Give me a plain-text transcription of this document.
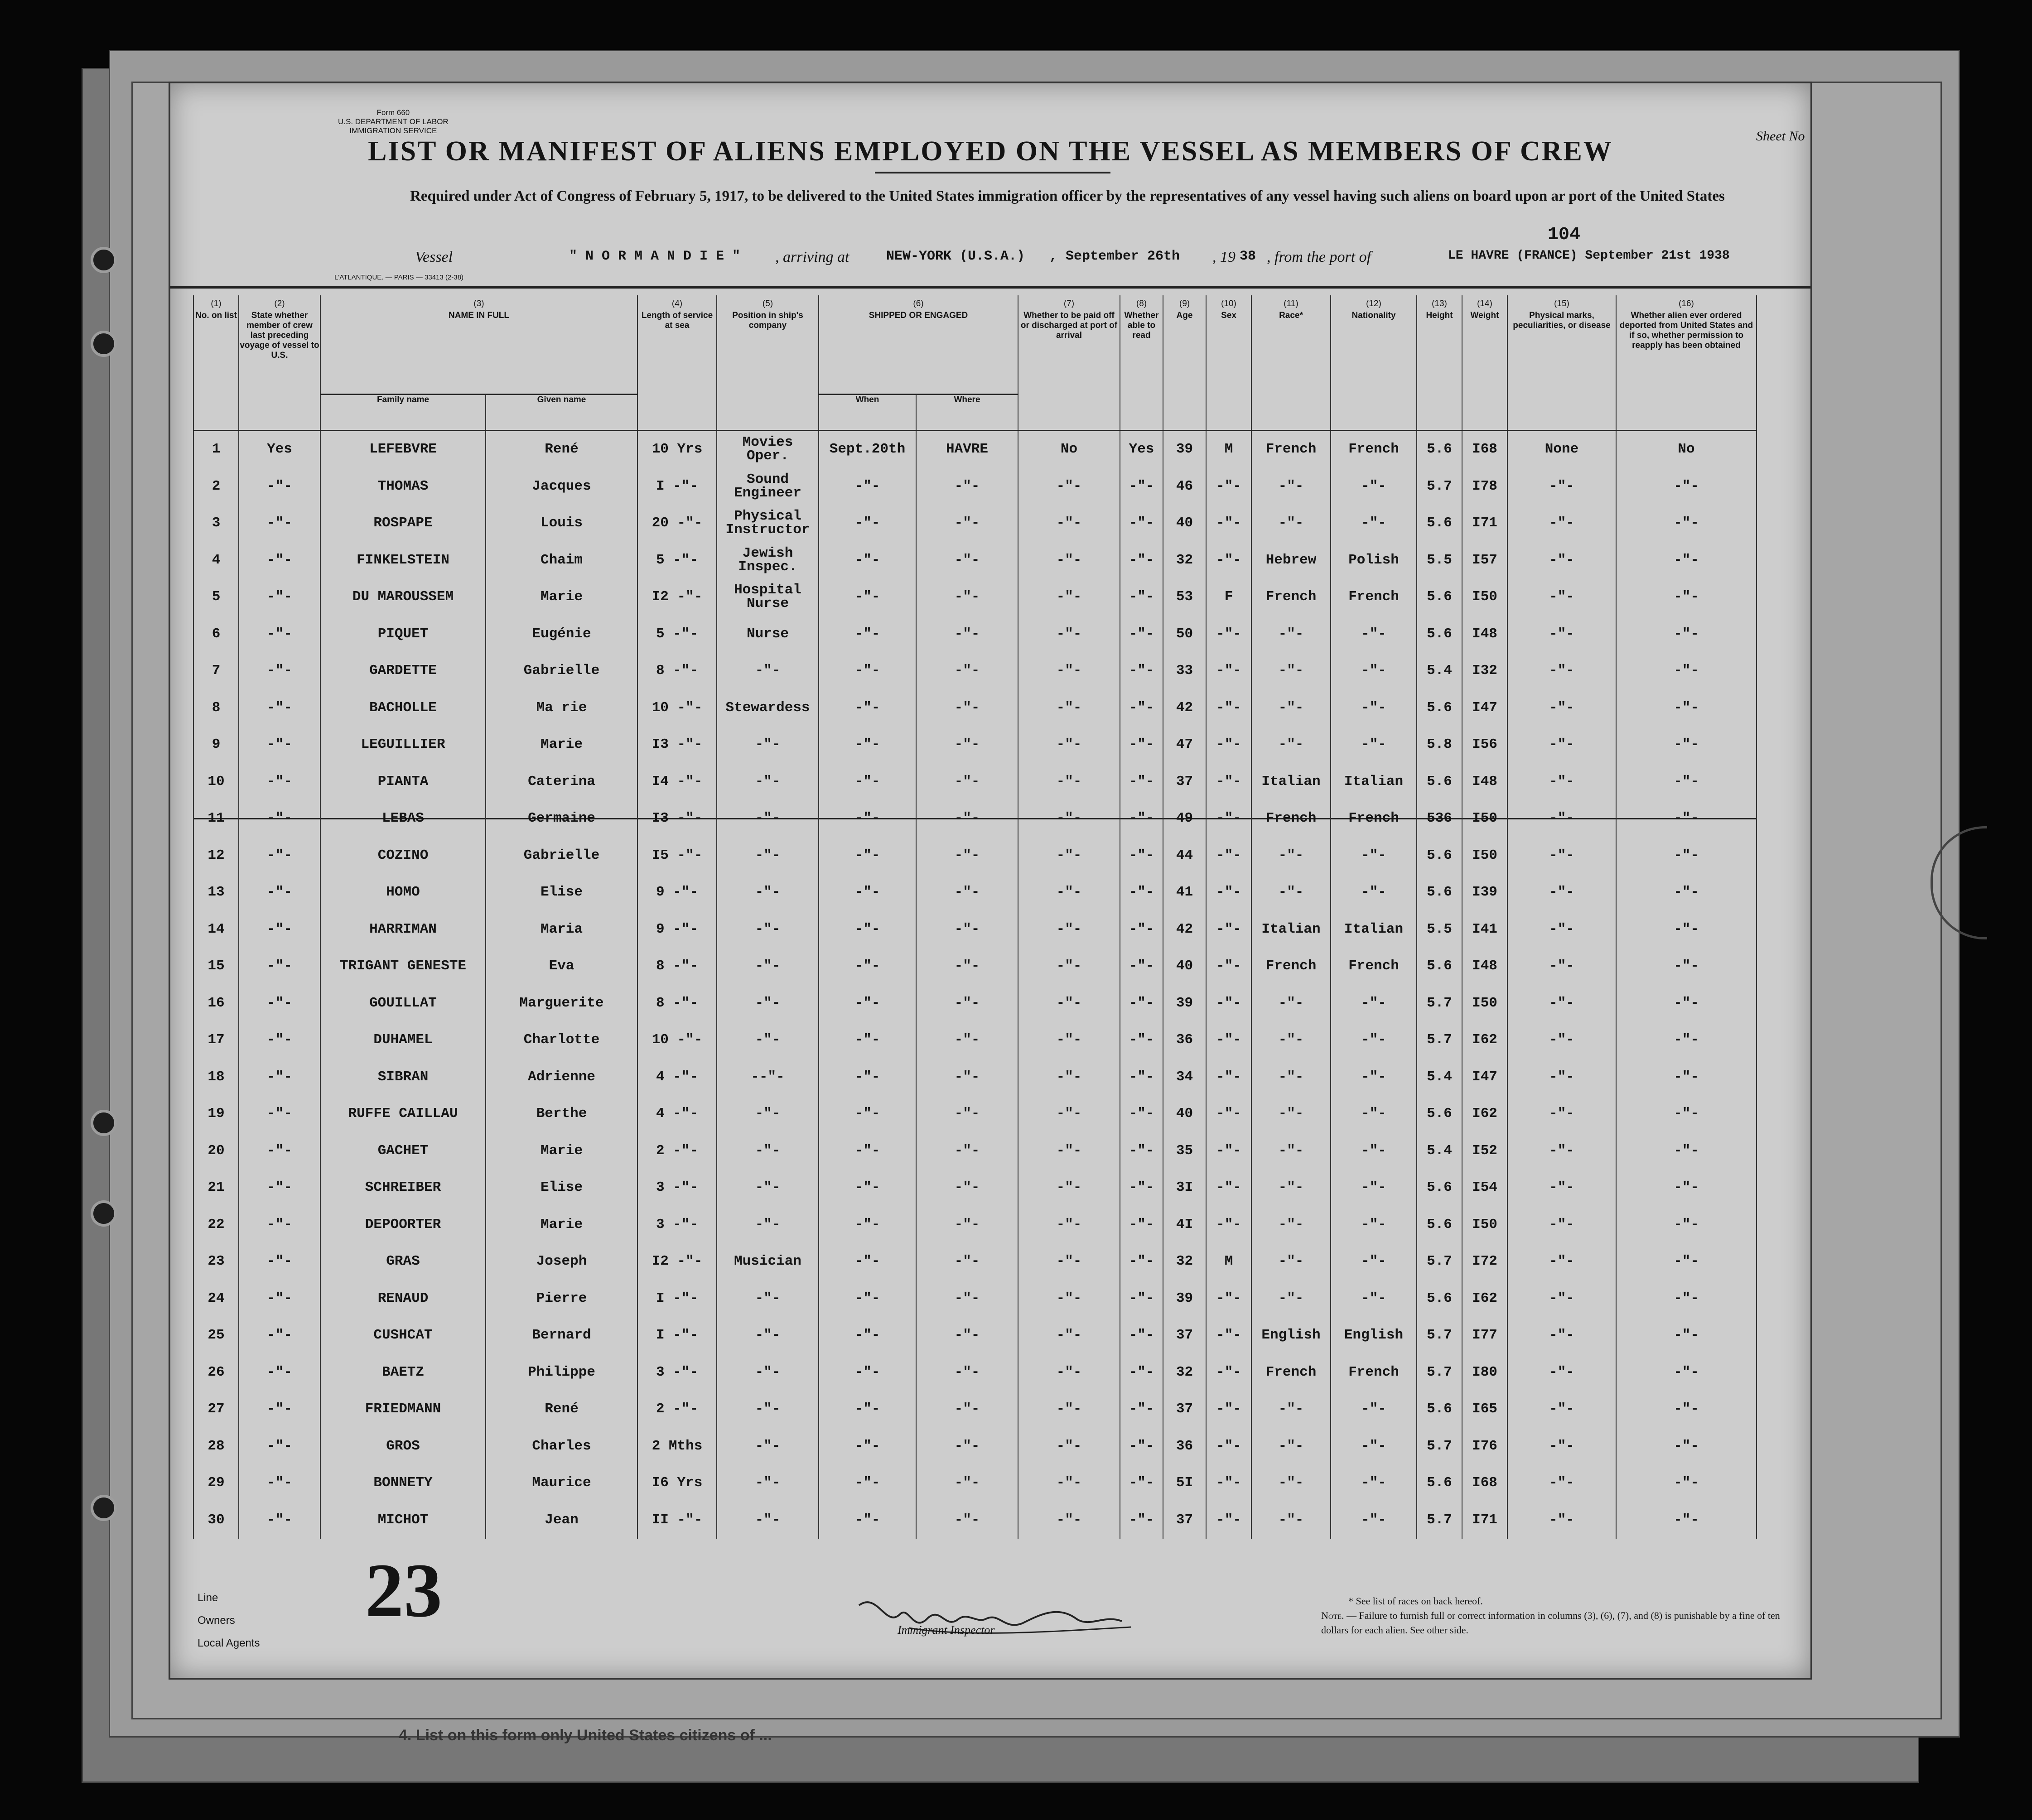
4. List on this form only United States citizens of ...
Form 660
U.S. DEPARTMENT OF LABOR
IMMIGRATION SERVICE	Sheet No
LIST OR MANIFEST OF ALIENS EMPLOYED ON THE VESSEL AS MEMBERS OF CREW
Required under Act of Congress of February 5, 1917, to be delivered to the United States immigration officer by the representatives of any vessel having such aliens on board upon ar port of the United States
104
Vessel	" N O R M A N D I E " , arriving at	NEW-YORK (U.S.A.) , September 26th , 19 38 , from the port of	LE HAVRE (FRANCE) September 21st 1938
L'ATLANTIQUE. — PARIS — 33413 (2-38)
(1)
No. on list	(2)
State whether member of crew last preceding voyage of vessel to U.S.	(3)
NAME IN FULL		(4)
Length of service at sea	(5)
Position in ship's company	(6)
SHIPPED OR ENGAGED		(7)
Whether to be paid off or discharged at port of arrival	(8)
Whether able to read	(9)
Age	(10)
Sex	(11)
Race*	(12)
Nationality	(13)
Height	(14)
Weight	(15)
Physical marks, peculiarities, or disease	(16)
Whether alien ever ordered deported from United States and if so, whether permission to reapply has been obtained
		Family name	Given name			When	Where										
1	Yes	LEFEBVRE	René	10 Yrs	Movies Oper.	Sept.20th	HAVRE	No	Yes	39	M	French	French	5.6	I68	None	No
2	-"-	THOMAS	Jacques	I -"-	Sound Engineer	-"-	-"-	-"-	-"-	46	-"-	-"-	-"-	5.7	I78	-"-	-"-
3	-"-	ROSPAPE	Louis	20 -"-	Physical Instructor	-"-	-"-	-"-	-"-	40	-"-	-"-	-"-	5.6	I71	-"-	-"-
4	-"-	FINKELSTEIN	Chaim	5 -"-	Jewish Inspec.	-"-	-"-	-"-	-"-	32	-"-	Hebrew	Polish	5.5	I57	-"-	-"-
5	-"-	DU MAROUSSEM	Marie	I2 -"-	Hospital Nurse	-"-	-"-	-"-	-"-	53	F	French	French	5.6	I50	-"-	-"-
6	-"-	PIQUET	Eugénie	5 -"-	Nurse	-"-	-"-	-"-	-"-	50	-"-	-"-	-"-	5.6	I48	-"-	-"-
7	-"-	GARDETTE	Gabrielle	8 -"-	-"-	-"-	-"-	-"-	-"-	33	-"-	-"-	-"-	5.4	I32	-"-	-"-
8	-"-	BACHOLLE	Ma rie	10 -"-	Stewardess	-"-	-"-	-"-	-"-	42	-"-	-"-	-"-	5.6	I47	-"-	-"-
9	-"-	LEGUILLIER	Marie	I3 -"-	-"-	-"-	-"-	-"-	-"-	47	-"-	-"-	-"-	5.8	I56	-"-	-"-
10	-"-	PIANTA	Caterina	I4 -"-	-"-	-"-	-"-	-"-	-"-	37	-"-	Italian	Italian	5.6	I48	-"-	-"-
11	-"-	LEBAS	Germaine	I3 -"-	-"-	-"-	-"-	-"-	-"-	49	-"-	French	French	536	I50	-"-	-"-
12	-"-	COZINO	Gabrielle	I5 -"-	-"-	-"-	-"-	-"-	-"-	44	-"-	-"-	-"-	5.6	I50	-"-	-"-
13	-"-	HOMO	Elise	9 -"-	-"-	-"-	-"-	-"-	-"-	41	-"-	-"-	-"-	5.6	I39	-"-	-"-
14	-"-	HARRIMAN	Maria	9 -"-	-"-	-"-	-"-	-"-	-"-	42	-"-	Italian	Italian	5.5	I41	-"-	-"-
15	-"-	TRIGANT GENESTE	Eva	8 -"-	-"-	-"-	-"-	-"-	-"-	40	-"-	French	French	5.6	I48	-"-	-"-
16	-"-	GOUILLAT	Marguerite	8 -"-	-"-	-"-	-"-	-"-	-"-	39	-"-	-"-	-"-	5.7	I50	-"-	-"-
17	-"-	DUHAMEL	Charlotte	10 -"-	-"-	-"-	-"-	-"-	-"-	36	-"-	-"-	-"-	5.7	I62	-"-	-"-
18	-"-	SIBRAN	Adrienne	4 -"-	--"-	-"-	-"-	-"-	-"-	34	-"-	-"-	-"-	5.4	I47	-"-	-"-
19	-"-	RUFFE CAILLAU	Berthe	4 -"-	-"-	-"-	-"-	-"-	-"-	40	-"-	-"-	-"-	5.6	I62	-"-	-"-
20	-"-	GACHET	Marie	2 -"-	-"-	-"-	-"-	-"-	-"-	35	-"-	-"-	-"-	5.4	I52	-"-	-"-
21	-"-	SCHREIBER	Elise	3 -"-	-"-	-"-	-"-	-"-	-"-	3I	-"-	-"-	-"-	5.6	I54	-"-	-"-
22	-"-	DEPOORTER	Marie	3 -"-	-"-	-"-	-"-	-"-	-"-	4I	-"-	-"-	-"-	5.6	I50	-"-	-"-
23	-"-	GRAS	Joseph	I2 -"-	Musician	-"-	-"-	-"-	-"-	32	M	-"-	-"-	5.7	I72	-"-	-"-
24	-"-	RENAUD	Pierre	I -"-	-"-	-"-	-"-	-"-	-"-	39	-"-	-"-	-"-	5.6	I62	-"-	-"-
25	-"-	CUSHCAT	Bernard	I -"-	-"-	-"-	-"-	-"-	-"-	37	-"-	English	English	5.7	I77	-"-	-"-
26	-"-	BAETZ	Philippe	3 -"-	-"-	-"-	-"-	-"-	-"-	32	-"-	French	French	5.7	I80	-"-	-"-
27	-"-	FRIEDMANN	René	2 -"-	-"-	-"-	-"-	-"-	-"-	37	-"-	-"-	-"-	5.6	I65	-"-	-"-
28	-"-	GROS	Charles	2 Mths	-"-	-"-	-"-	-"-	-"-	36	-"-	-"-	-"-	5.7	I76	-"-	-"-
29	-"-	BONNETY	Maurice	I6 Yrs	-"-	-"-	-"-	-"-	-"-	5I	-"-	-"-	-"-	5.6	I68	-"-	-"-
30	-"-	MICHOT	Jean	II -"-	-"-	-"-	-"-	-"-	-"-	37	-"-	-"-	-"-	5.7	I71	-"-	-"-
Line
Owners
Local Agents
23	Immigrant Inspector
* See list of races on back hereof.
Note. — Failure to furnish full or correct information in columns (3), (6), (7), and (8) is punishable by a fine of ten dollars for each alien. See other side.
